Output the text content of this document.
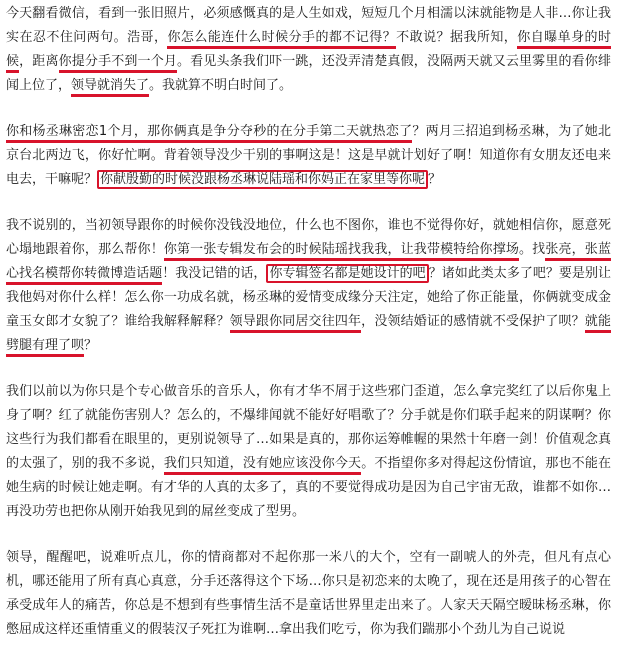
今天翻看微信，看到一张旧照片，必须感慨真的是人生如戏，短短几个月相濡以沫就能物是人非…你让我实在忍不住问两句。浩哥，你怎么能连什么时候分手的都不记得？不敢说？据我所知，你自曝单身的时候，距离你提分手不到一个月。看见头条我们吓一跳，还没弄清楚真假，没隔两天就又云里雾里的看你绯闻上位了，领导就消失了。我就算不明白时间了。

你和杨丞琳密恋1个月，那你俩真是争分夺秒的在分手第二天就热恋了？两月三招追到杨丞琳，为了她北京台北两边飞，你好忙啊。背着领导没少干别的事啊这是！这是早就计划好了啊！知道你有女朋友还电来电去，干嘛呢？ 你献殷勤的时候没跟杨丞琳说陆瑶和你妈正在家里等你呢 ？

我不说别的，当初领导跟你的时候你没钱没地位，什么也不图你，谁也不觉得你好，就她相信你，愿意死心塌地跟着你，那么帮你！你第一张专辑发布会的时候陆瑶找我我，让我带模特给你撑场。找张亮，张蓝心找名模帮你转微博造话题！我没记错的话， 你专辑签名都是她设计的吧 ？诸如此类太多了吧？要是别让我他妈对你什么样！怎么你一功成名就，杨丞琳的爱情变成缘分天注定，她给了你正能量，你俩就变成金童玉女郎才女貌了？谁给我解释解释？领导跟你同居交往四年，没领结婚证的感情就不受保护了呗？就能劈腿有理了呗？

我们以前以为你只是个专心做音乐的音乐人，你有才华不屑于这些邪门歪道，怎么拿完奖红了以后你鬼上身了啊？红了就能伤害别人？怎么的，不爆绯闻就不能好好唱歌了？分手就是你们联手起来的阴谋啊？你这些行为我们都看在眼里的，更别说领导了…如果是真的，那你运筹帷幄的果然十年磨一剑！价值观念真的太强了，别的我不多说，我们只知道，没有她应该没你今天。不指望你多对得起这份情谊，那也不能在她生病的时候让她走啊。有才华的人真的太多了，真的不要觉得成功是因为自己宇宙无敌，谁都不如你…再没功劳也把你从刚开始我见到的屌丝变成了型男。

领导，醒醒吧，说难听点儿，你的情商都对不起你那一米八的大个，空有一副唬人的外壳，但凡有点心机，哪还能用了所有真心真意，分手还落得这个下场…你只是初恋来的太晚了，现在还是用孩子的心智在承受成年人的痛苦，你总是不想到有些事情生活不是童话世界里走出来了。人家天天隔空暧昧杨丞琳，你憋屈成这样还重情重义的假装汉子死扛为谁啊…拿出我们吃亏，你为我们踹那小个劲儿为自己说说
